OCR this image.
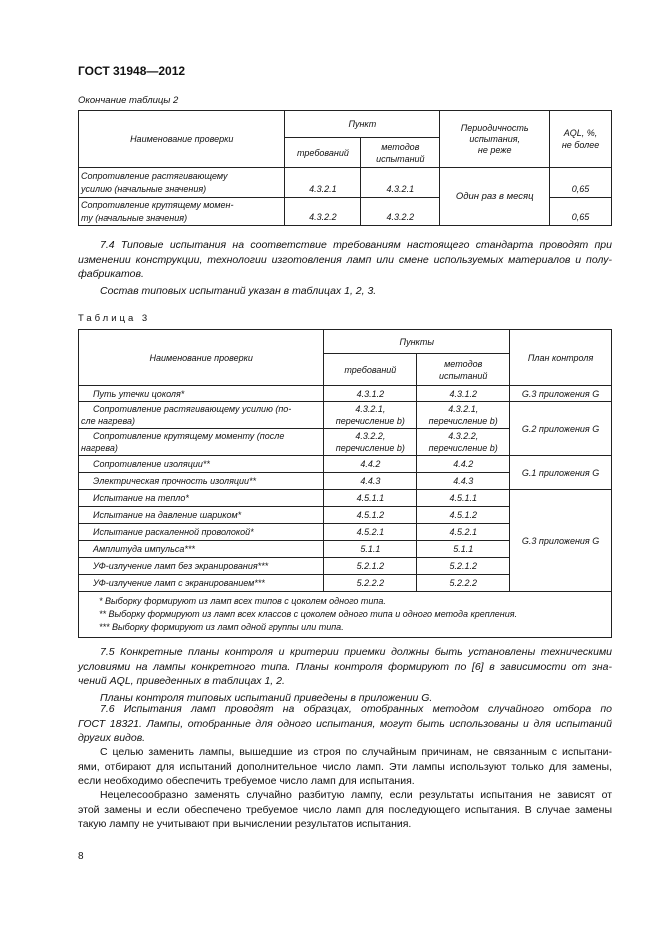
ГОСТ 31948—2012
Окончание таблицы 2
Наименование проверки	Пункт		Периодичность
испытания,
не реже	AQL, %,
не более
	требований	методов
испытаний		

Сопротивление растягивающему
усилию (начальные значения)	4.3.2.1	4.3.2.1	Один раз в месяц	0,65

Сопротивление крутящему момен-
ту (начальные значения)	4.3.2.2	4.3.2.2		0,65
7.4 Типовые испытания на соответствие требованиям настоящего стандарта проводят при
изменении конструкции, технологии изготовления ламп или смене используемых материалов и полу-
фабрикатов.
Состав типовых испытаний указан в таблицах 1, 2, 3.
Таблица 3
Наименование проверки	Пункты		План контроля
	требований	методов
испытаний	
Путь утечки цоколя*	4.3.1.2	4.3.1.2	G.3 приложения G

Сопротивление растягивающему усилию (по-
сле нагрева)	4.3.2.1,
перечисление b)	4.3.2.1,
перечисление b)	G.2 приложения G

Сопротивление крутящему моменту (после
нагрева)	4.3.2.2,
перечисление b)	4.3.2.2,
перечисление b)	
Сопротивление изоляции**	4.4.2	4.4.2	G.1 приложения G
Электрическая прочность изоляции**	4.4.3	4.4.3	
Испытание на тепло*	4.5.1.1	4.5.1.1	G.3 приложения G
Испытание на давление шариком*	4.5.1.2	4.5.1.2	
Испытание раскаленной проволокой*	4.5.2.1	4.5.2.1	
Амплитуда импульса***	5.1.1	5.1.1	
УФ-излучение ламп без экранирования***	5.2.1.2	5.2.1.2	
УФ-излучение ламп с экранированием***	5.2.2.2	5.2.2.2	

* Выборку формируют из ламп всех типов с цоколем одного типа.
** Выборку формируют из ламп всех классов с цоколем одного типа и одного метода крепления.
*** Выборку формируют из ламп одной группы или типа.			
7.5 Конкретные планы контроля и критерии приемки должны быть установлены техническими
условиями на лампы конкретного типа. Планы контроля формируют по [6] в зависимости от зна-
чений AQL, приведенных в таблицах 1, 2.
Планы контроля типовых испытаний приведены в приложении G.
7.6 Испытания ламп проводят на образцах, отобранных методом случайного отбора по
ГОСТ 18321. Лампы, отобранные для одного испытания, могут быть использованы и для испытаний
других видов.
С целью заменить лампы, вышедшие из строя по случайным причинам, не связанным с испытани-
ями, отбирают для испытаний дополнительное число ламп. Эти лампы используют только для замены,
если необходимо обеспечить требуемое число ламп для испытания.
Нецелесообразно заменять случайно разбитую лампу, если результаты испытания не зависят от
этой замены и если обеспечено требуемое число ламп для последующего испытания. В случае замены
такую лампу не учитывают при вычислении результатов испытания.
8
